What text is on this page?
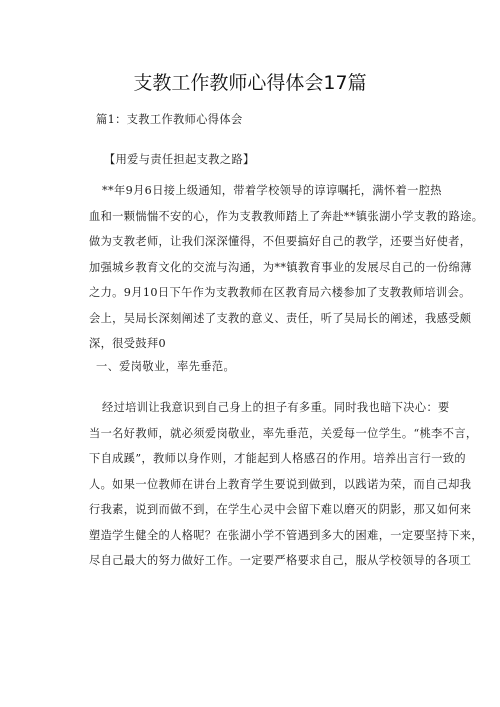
支教工作教师心得体会17篇

篇1：支教工作教师心得体会

【用爱与责任担起支教之路】

**年9月6日接上级通知，带着学校领导的谆谆嘱托，满怀着一腔热
血和一颗惴惴不安的心，作为支教教师踏上了奔赴**镇张湖小学支教的路途。
做为支教老师，让我们深深懂得，不但要搞好自己的教学，还要当好使者，
加强城乡教育文化的交流与沟通，为**镇教育事业的发展尽自己的一份绵薄
之力。9月10日下午作为支教教师在区教育局六楼参加了支教教师培训会。
会上，吴局长深刻阐述了支教的意义、责任，听了吴局长的阐述，我感受颇
深，很受鼓拜0

一、爱岗敬业，率先垂范。

经过培训让我意识到自己身上的担子有多重。同时我也暗下决心：要
当一名好教师，就必须爱岗敬业，率先垂范，关爱每一位学生。“桃李不言，
下自成蹊”，教师以身作则，才能起到人格感召的作用。培养出言行一致的
人。如果一位教师在讲台上教育学生要说到做到，以践诺为荣，而自己却我
行我素，说到而做不到，在学生心灵中会留下难以磨灭的阴影，那又如何来
塑造学生健全的人格呢？在张湖小学不管遇到多大的困难，一定要坚持下来，
尽自己最大的努力做好工作。一定要严格要求自己，服从学校领导的各项工
